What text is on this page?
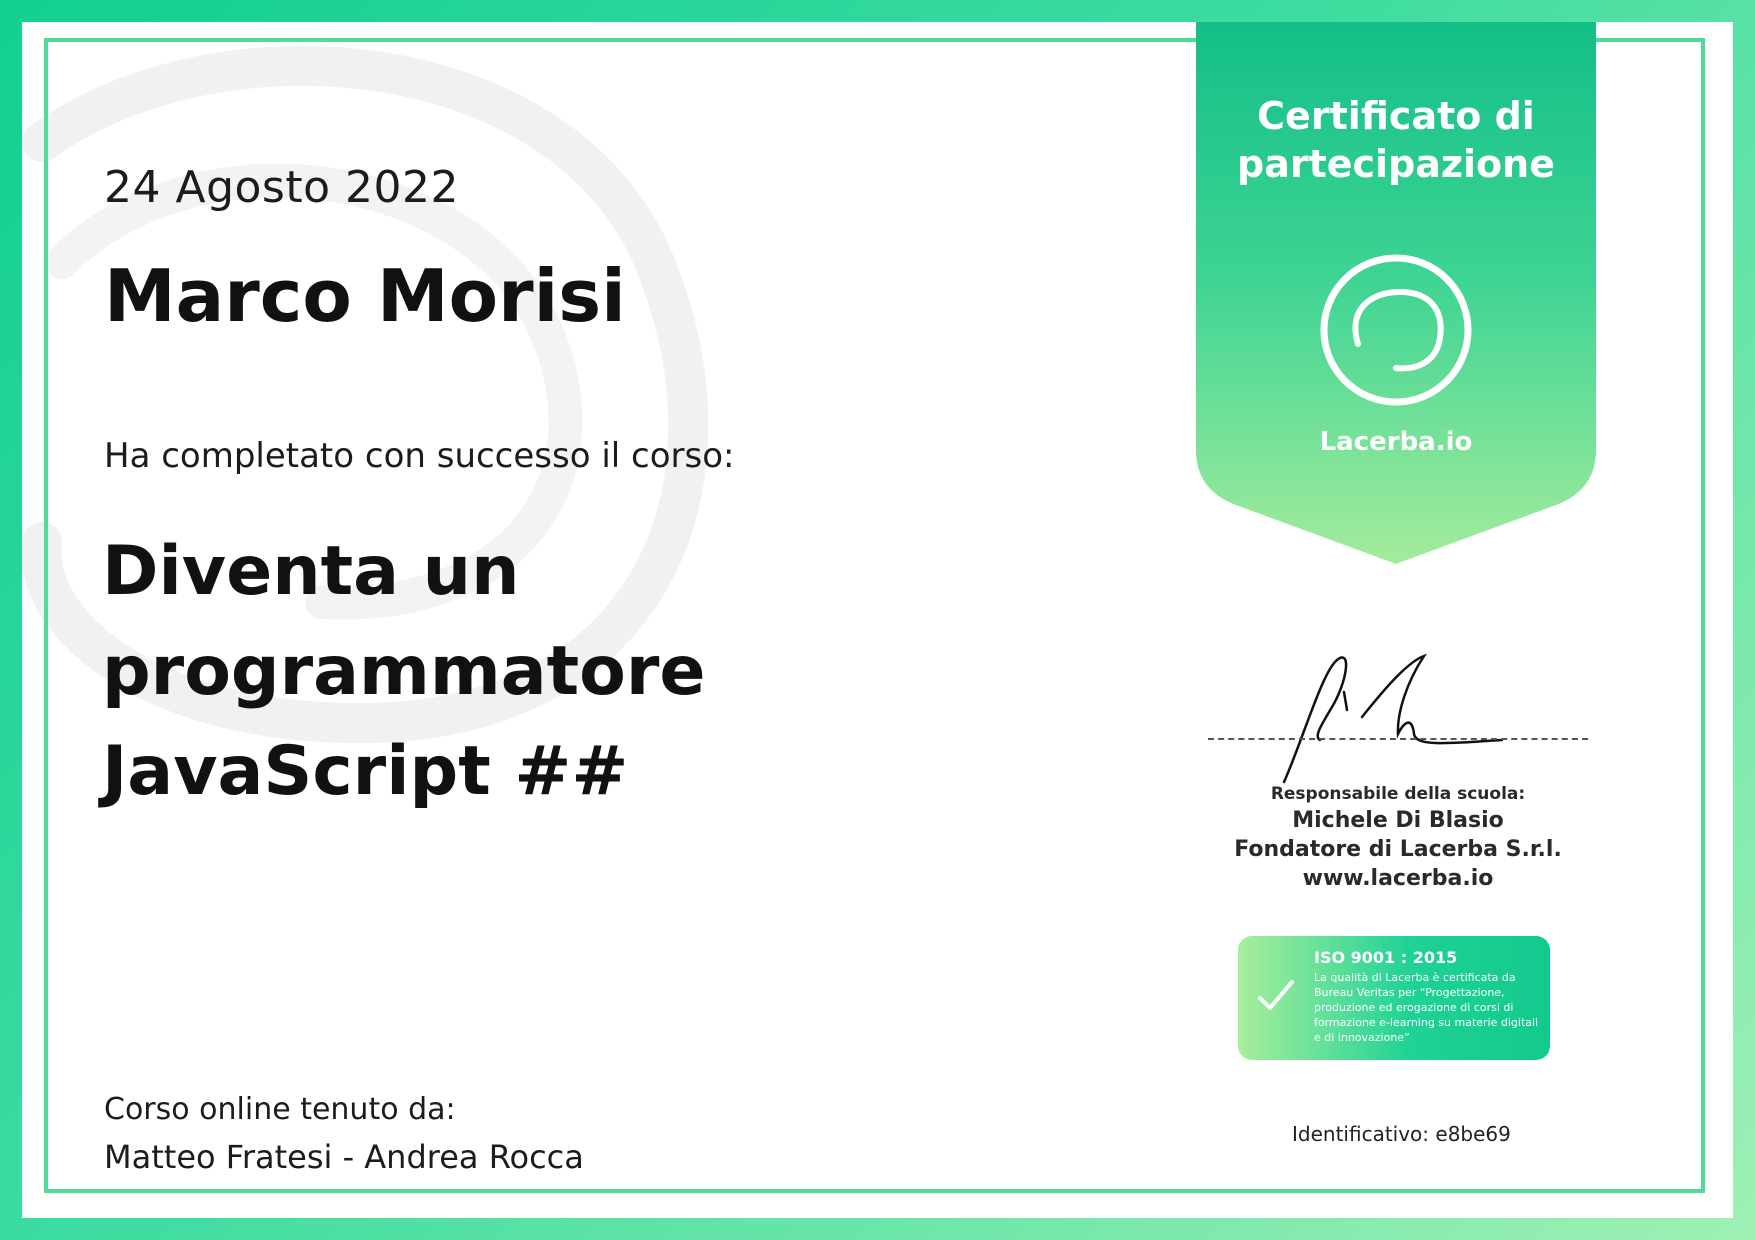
24 Agosto 2022
Marco Morisi
Ha completato con successo il corso:
Diventa un programmatore
JavaScript ##
Corso online tenuto da:
Matteo Fratesi - Andrea Rocca
Certificato di
partecipazione
Lacerba.io
Responsabile della scuola:
Michele Di Blasio
Fondatore di Lacerba S.r.l.
www.lacerba.io
ISO 9001 : 2015
La qualità di Lacerba è certificata da Bureau Veritas per “Progettazione, produzione ed erogazione di corsi di formazione e-learning su materie digitali e di innovazione”
Identificativo: e8be69
